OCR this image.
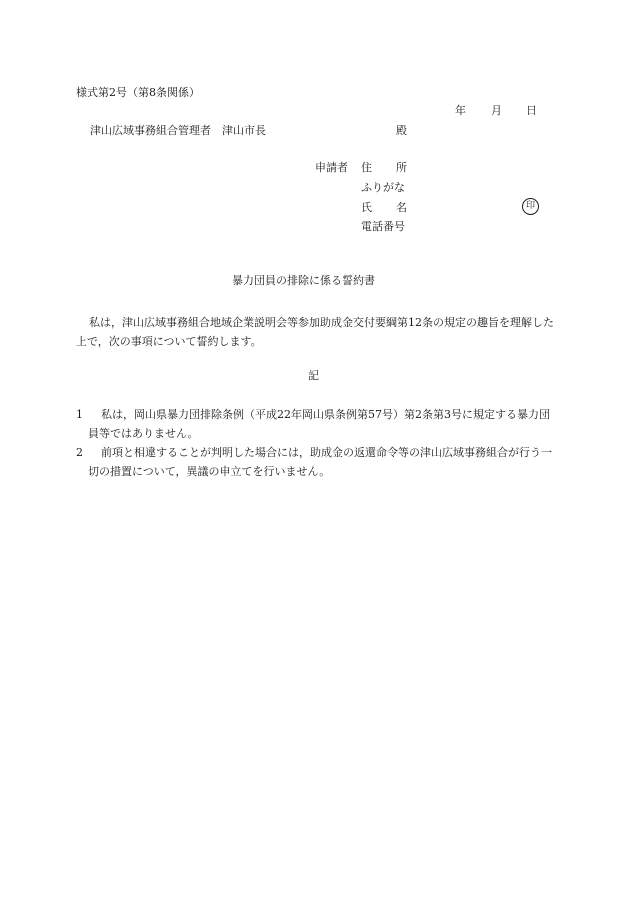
様式第2号（第8条関係）
年 月 日
津山広域事務組合管理者　津山市長	殿
申請者 住 所
ふりがな
氏 名
電話番号
印
暴力団員の排除に係る誓約書
私は，津山広域事務組合地域企業説明会等参加助成金交付要綱第12条の規定の趣旨を理解した上で，次の事項について誓約します。
記
1	私は，岡山県暴力団排除条例（平成22年岡山県条例第57号）第2条第3号に規定する暴力団員等ではありません。
2	前項と相違することが判明した場合には，助成金の返還命令等の津山広域事務組合が行う一切の措置について，異議の申立てを行いません。
